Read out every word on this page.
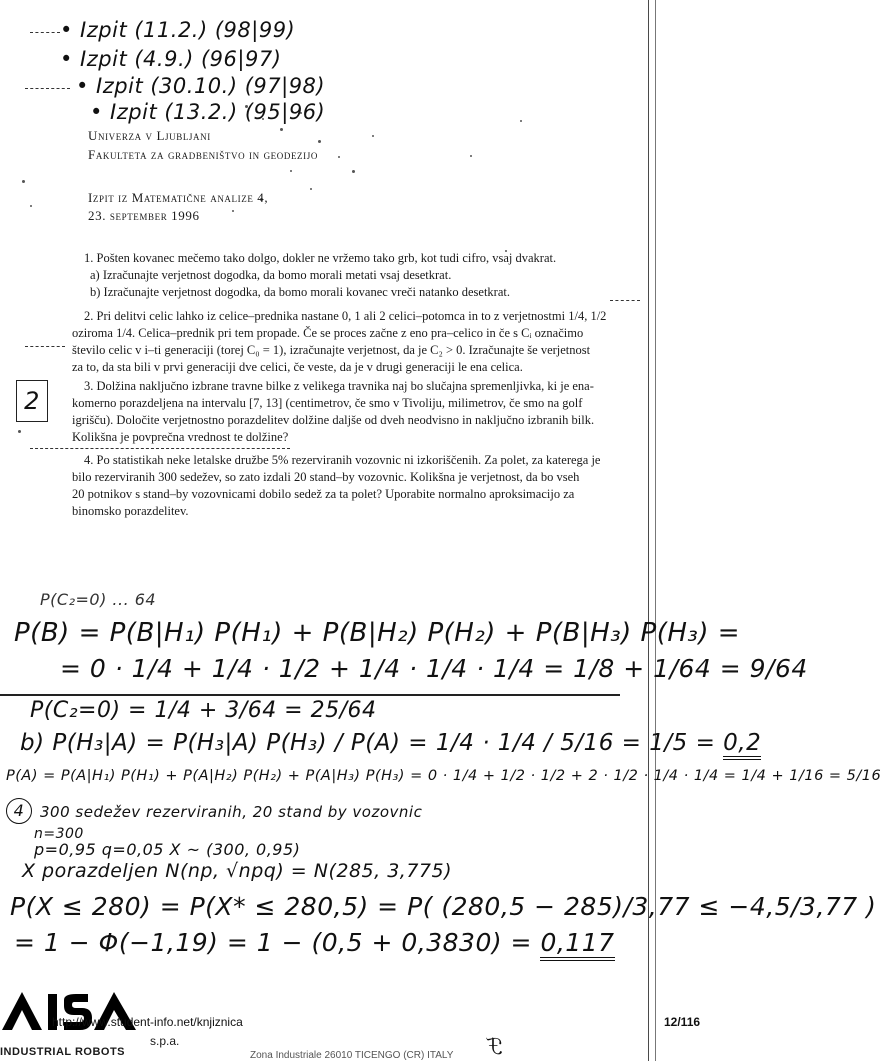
• Izpit (11.2.) (98|99)
• Izpit (4.9.) (96|97)
• Izpit (30.10.) (97|98)
• Izpit (13.2.) (95|96)
Univerza v Ljubljani
Fakulteta za gradbeništvo in geodezijo
Izpit iz Matematične analize 4,
23. september 1996
1. Pošten kovanec mečemo tako dolgo, dokler ne vržemo tako grb, kot tudi cifro, vsaj dvakrat.
a) Izračunajte verjetnost dogodka, da bomo morali metati vsaj desetkrat.
b) Izračunajte verjetnost dogodka, da bomo morali kovanec vreči natanko desetkrat.
2. Pri delitvi celic lahko iz celice–prednika nastane 0, 1 ali 2 celici–potomca in to z verjetnostmi 1/4, 1/2
oziroma 1/4. Celica–prednik pri tem propade. Če se proces začne z eno pra–celico in če s Cᵢ označimo
število celic v i–ti generaciji (torej C₀ = 1), izračunajte verjetnost, da je C₂ > 0. Izračunajte še verjetnost
za to, da sta bili v prvi generaciji dve celici, če veste, da je v drugi generaciji le ena celica.
2
3. Dolžina naključno izbrane travne bilke z velikega travnika naj bo slučajna spremenljivka, ki je ena-
komerno porazdeljena na intervalu [7, 13] (centimetrov, če smo v Tivoliju, milimetrov, če smo na golf
igrišču). Določite verjetnostno porazdelitev dolžine daljše od dveh neodvisno in naključno izbranih bilk.
Kolikšna je povprečna vrednost te dolžine?
4. Po statistikah neke letalske družbe 5% rezerviranih vozovnic ni izkoriščenih. Za polet, za katerega je
bilo rezerviranih 300 sedežev, so zato izdali 20 stand–by vozovnic. Kolikšna je verjetnost, da bo vseh
20 potnikov s stand–by vozovnicami dobilo sedež za ta polet? Uporabite normalno aproksimacijo za
binomsko porazdelitev.
P(C₂=0) ... 64
P(B) = P(B|H₁) P(H₁) + P(B|H₂) P(H₂) + P(B|H₃) P(H₃) =
= 0 · 1/4 + 1/4 · 1/2 + 1/4 · 1/4 · 1/4 = 1/8 + 1/64 = 9/64
P(C₂=0) = 1/4 + 3/64 = 25/64
b) P(H₃|A) = P(H₃|A) P(H₃) / P(A) = 1/4 · 1/4 / 5/16 = 1/5 = 0,2
P(A) = P(A|H₁) P(H₁) + P(A|H₂) P(H₂) + P(A|H₃) P(H₃) = 0 · 1/4 + 1/2 · 1/2 + 2 · 1/2 · 1/4 · 1/4 = 1/4 + 1/16 = 5/16
4	300 sedežev rezerviranih, 20 stand by vozovnic
n=300
p=0,95 q=0,05 X ~ (300, 0,95)
X porazdeljen N(np, √npq) = N(285, 3,775)
P(X ≤ 280) = P(X* ≤ 280,5) = P( (280,5 − 285)/3,77 ≤ −4,5/3,77 )
= 1 − Φ(−1,19) = 1 − (0,5 + 0,3830) = 0,117
INDUSTRIAL ROBOTS
s.p.a.
http://www.student-info.net/knjiznica	12/116
Zona Industriale 26010 TICENGO (CR) ITALY ℱ
